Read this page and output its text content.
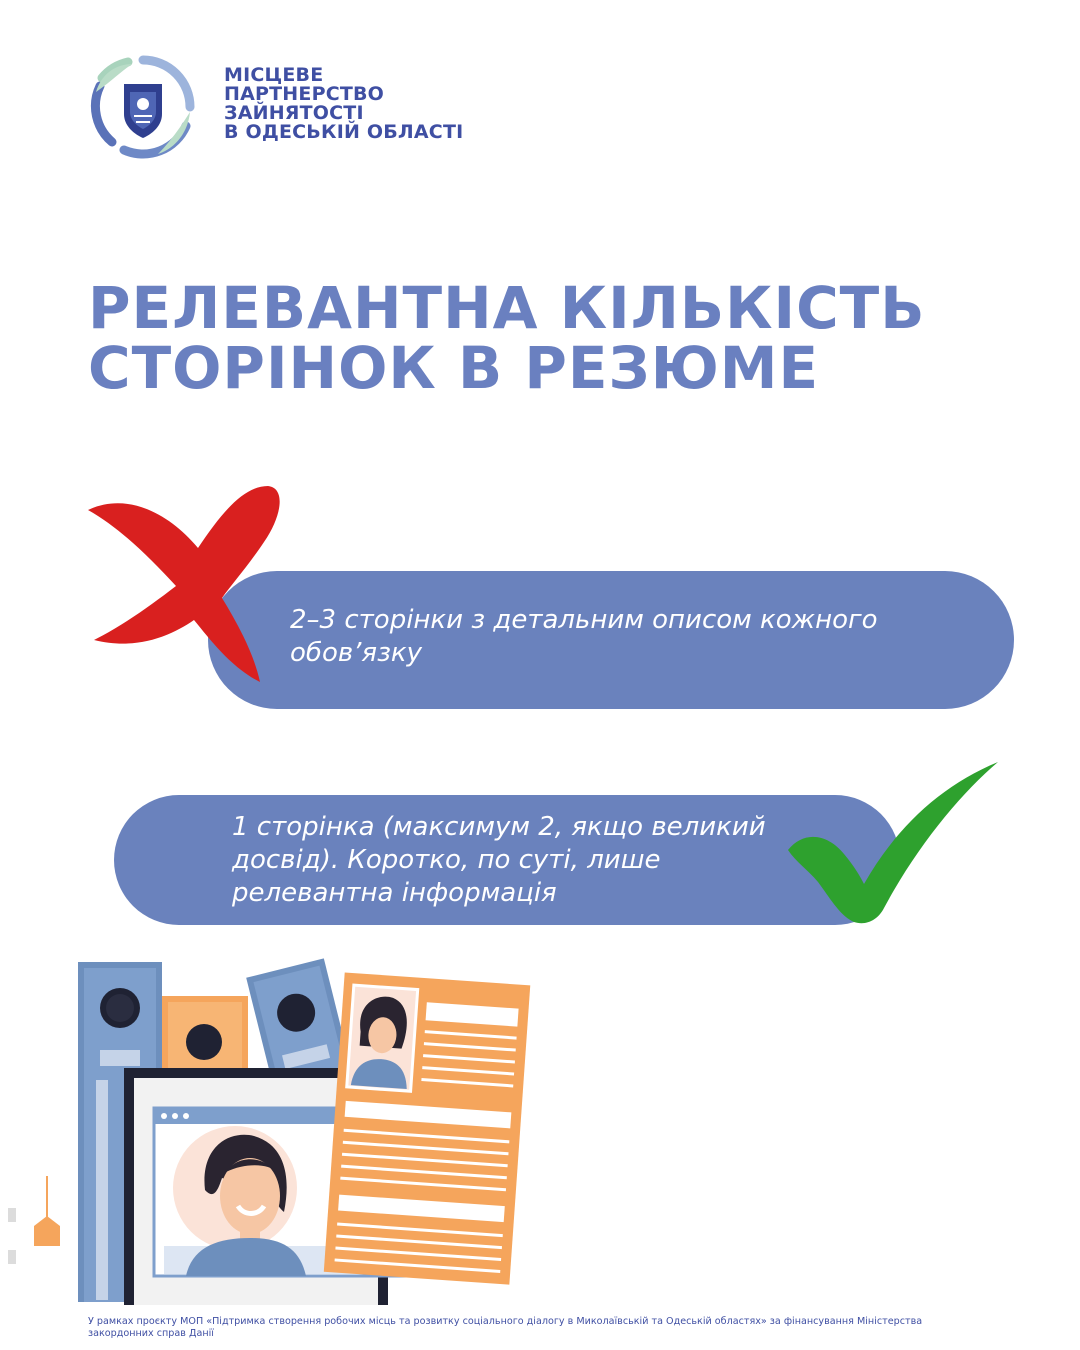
МІСЦЕВЕ
ПАРТНЕРСТВО
ЗАЙНЯТОСТІ
В ОДЕСЬКІЙ ОБЛАСТІ
РЕЛЕВАНТНА КІЛЬКІСТЬ
СТОРІНОК В РЕЗЮМЕ
2–3 сторінки з детальним описом кожного обов’язку
1 сторінка (максимум 2, якщо великий досвід). Коротко, по суті, лише релевантна інформація
У рамках проєкту МОП «Підтримка створення робочих місць та розвитку соціального діалогу в Миколаївській та Одеській областях» за фінансування Міністерства закордонних справ Данії
